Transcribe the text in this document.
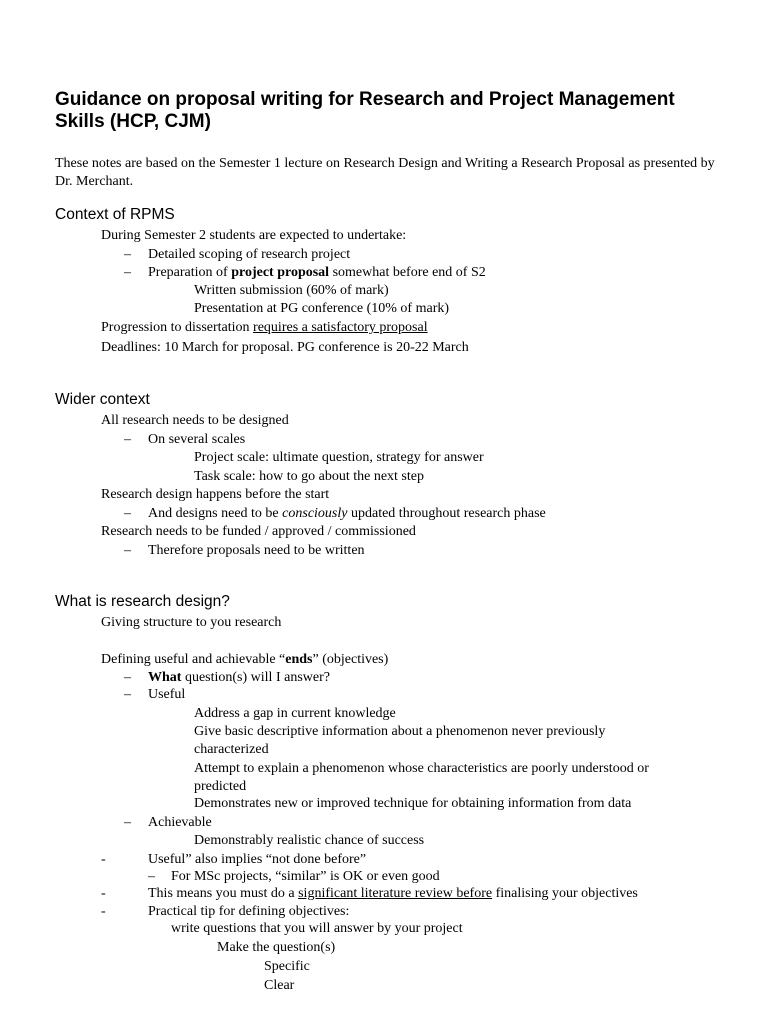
Guidance on proposal writing for Research and Project Management Skills (HCP, CJM)

These notes are based on the Semester 1 lecture on Research Design and Writing a Research Proposal as presented by Dr. Merchant.

Context of RPMS
During Semester 2 students are expected to undertake:
– Detailed scoping of research project
– Preparation of project proposal somewhat before end of S2
Written submission (60% of mark)
Presentation at PG conference (10% of mark)
Progression to dissertation requires a satisfactory proposal
Deadlines: 10 March for proposal. PG conference is 20-22 March
Wider context
All research needs to be designed
– On several scales
Project scale: ultimate question, strategy for answer
Task scale: how to go about the next step
Research design happens before the start
– And designs need to be consciously updated throughout research phase
Research needs to be funded / approved / commissioned
– Therefore proposals need to be written
What is research design?
Giving structure to you research
Defining useful and achievable “ends” (objectives)
– What question(s) will I answer?
– Useful
Address a gap in current knowledge
Give basic descriptive information about a phenomenon never previously
characterized
Attempt to explain a phenomenon whose characteristics are poorly understood or
predicted
Demonstrates new or improved technique for obtaining information from data
– Achievable
Demonstrably realistic chance of success
-	Useful” also implies “not done before”
– For MSc projects, “similar” is OK or even good
-	This means you must do a significant literature review before finalising your objectives
-	Practical tip for defining objectives:
write questions that you will answer by your project
Make the question(s)
Specific
Clear
